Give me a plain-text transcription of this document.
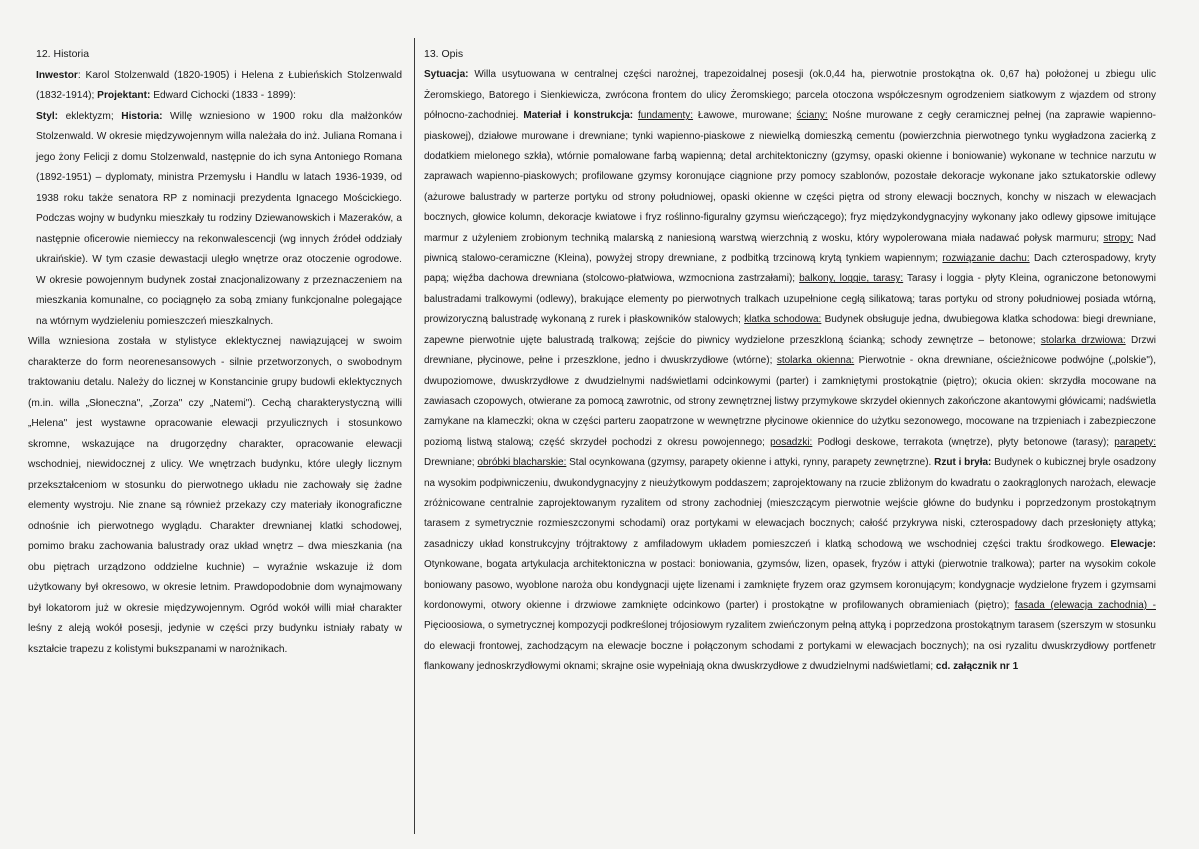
12. Historia
Inwestor: Karol Stolzenwald (1820-1905) i Helena z Łubieńskich Stolzenwald (1832-1914); Projektant: Edward Cichocki (1833 - 1899):
Styl: eklektyzm; Historia: Willę wzniesiono w 1900 roku dla małżonków Stolzenwald. W okresie międzywojennym willa należała do inż. Juliana Romana i jego żony Felicji z domu Stolzenwald, następnie do ich syna Antoniego Romana (1892-1951) – dyplomaty, ministra Przemysłu i Handlu w latach 1936-1939, od 1938 roku także senatora RP z nominacji prezydenta Ignacego Mościckiego. Podczas wojny w budynku mieszkały tu rodziny Dziewanowskich i Mazeraków, a następnie oficerowie niemieccy na rekonwalescencji (wg innych źródeł oddziały ukraińskie). W tym czasie dewastacji uległo wnętrze oraz otoczenie ogrodowe. W okresie powojennym budynek został znacjonalizowany z przeznaczeniem na mieszkania komunalne, co pociągnęło za sobą zmiany funkcjonalne polegające na wtórnym wydzieleniu pomieszczeń mieszkalnych.
Willa wzniesiona została w stylistyce eklektycznej nawiązującej w swoim charakterze do form neorenesansowych - silnie przetworzonych, o swobodnym traktowaniu detalu. Należy do licznej w Konstancinie grupy budowli eklektycznych (m.in. willa „Słoneczna", „Zorza" czy „Natemi"). Cechą charakterystyczną willi „Helena" jest wystawne opracowanie elewacji przyulicznych i stosunkowo skromne, wskazujące na drugorzędny charakter, opracowanie elewacji wschodniej, niewidocznej z ulicy. We wnętrzach budynku, które uległy licznym przekształceniom w stosunku do pierwotnego układu nie zachowały się żadne elementy wystroju. Nie znane są również przekazy czy materiały ikonograficzne odnośnie ich pierwotnego wyglądu. Charakter drewnianej klatki schodowej, pomimo braku zachowania balustrady oraz układ wnętrz – dwa mieszkania (na obu piętrach urządzono oddzielne kuchnie) – wyraźnie wskazuje iż dom użytkowany był okresowo, w okresie letnim. Prawdopodobnie dom wynajmowany był lokatorom już w okresie międzywojennym. Ogród wokół willi miał charakter leśny z aleją wokół posesji, jedynie w części przy budynku istniały rabaty w kształcie trapezu z kolistymi bukszpanami w narożnikach.
13. Opis
Sytuacja: Willa usytuowana w centralnej części narożnej, trapezoidalnej posesji (ok.0,44 ha, pierwotnie prostokątna ok. 0,67 ha) położonej u zbiegu ulic Żeromskiego, Batorego i Sienkiewicza, zwrócona frontem do ulicy Żeromskiego; parcela otoczona współczesnym ogrodzeniem siatkowym z wjazdem od strony północno-zachodniej. Materiał i konstrukcja: fundamenty: Ławowe, murowane; ściany: Nośne murowane z cegły ceramicznej pełnej (na zaprawie wapienno-piaskowej), działowe murowane i drewniane; tynki wapienno-piaskowe z niewielką domieszką cementu (powierzchnia pierwotnego tynku wygładzona zacierką z dodatkiem mielonego szkła), wtórnie pomalowane farbą wapienną; detal architektoniczny (gzymsy, opaski okienne i boniowanie) wykonane w technice narzutu w zaprawach wapienno-piaskowych; profilowane gzymsy koronujące ciągnione przy pomocy szablonów, pozostałe dekoracje wykonane jako sztukatorskie odlewy (ażurowe balustrady w parterze portyku od strony południowej, opaski okienne w części piętra od strony elewacji bocznych, konchy w niszach w elewacjach bocznych, głowice kolumn, dekoracje kwiatowe i fryz roślinno-figuralny gzymsu wieńczącego); fryz międzykondygnacyjny wykonany jako odlewy gipsowe imitujące marmur z użyleniem zrobionym techniką malarską z naniesioną warstwą wierzchnią z wosku, który wypolerowana miała nadawać połysk marmuru; stropy: Nad piwnicą stalowo-ceramiczne (Kleina), powyżej stropy drewniane, z podbitką trzcinową krytą tynkiem wapiennym; rozwiązanie dachu: Dach czterospadowy, kryty papą; więźba dachowa drewniana (stolcowo-płatwiowa, wzmocniona zastrzałami); balkony, loggie, tarasy: Tarasy i loggia - płyty Kleina, ograniczone betonowymi balustradami tralkowymi (odlewy), brakujące elementy po pierwotnych tralkach uzupełnione cegłą silikatową; taras portyku od strony południowej posiada wtórną, prowizoryczną balustradę wykonaną z rurek i płaskowników stalowych; klatka schodowa: Budynek obsługuje jedna, dwubiegowa klatka schodowa: biegi drewniane, zapewne pierwotnie ujęte balustradą tralkową; zejście do piwnicy wydzielone przeszkloną ścianką; schody zewnętrze – betonowe; stolarka drzwiowa: Drzwi drewniane, płycinowe, pełne i przeszklone, jedno i dwuskrzydłowe (wtórne); stolarka okienna: Pierwotnie - okna drewniane, ościeżnicowe podwójne („polskie"), dwupoziomowe, dwuskrzydłowe z dwudzielnymi nadświetlami odcinkowymi (parter) i zamkniętymi prostokątnie (piętro); okucia okien: skrzydła mocowane na zawiasach czopowych, otwierane za pomocą zawrotnic, od strony zewnętrznej listwy przymykowe skrzydeł okiennych zakończone akantowymi główicami; nadświetla zamykane na klameczki; okna w części parteru zaopatrzone w wewnętrzne płycinowe okiennice do użytku sezonowego, mocowane na trzpieniach i zabezpieczone poziomą listwą stalową; część skrzydeł pochodzi z okresu powojennego; posadzki: Podłogi deskowe, terrakota (wnętrze), płyty betonowe (tarasy); parapety: Drewniane; obróbki blacharskie: Stal ocynkowana (gzymsy, parapety okienne i attyki, rynny, parapety zewnętrzne). Rzut i bryła: Budynek o kubicznej bryle osadzony na wysokim podpiwniczeniu, dwukondygnacyjny z nieużytkowym poddaszem; zaprojektowany na rzucie zbliżonym do kwadratu o zaokrąglonych narożach, elewacje zróżnicowane centralnie zaprojektowanym ryzalitem od strony zachodniej (mieszczącym pierwotnie wejście główne do budynku i poprzedzonym prostokątnym tarasem z symetrycznie rozmieszczonymi schodami) oraz portykami w elewacjach bocznych; całość przykrywa niski, czterospadowy dach przesłonięty attyką; zasadniczy układ konstrukcyjny trójtraktowy z amfiladowym układem pomieszczeń i klatką schodową we wschodniej części traktu środkowego. Elewacje: Otynkowane, bogata artykulacja architektoniczna w postaci: boniowania, gzymsów, lizen, opasek, fryzów i attyki (pierwotnie tralkowa); parter na wysokim cokole boniowany pasowo, wyoblone naroża obu kondygnacji ujęte lizenami i zamknięte fryzem oraz gzymsem koronującym; kondygnacje wydzielone fryzem i gzymsami kordonowymi, otwory okienne i drzwiowe zamknięte odcinkowo (parter) i prostokątne w profilowanych obramieniach (piętro); fasada (elewacja zachodnia) - Pięcioosiowa, o symetrycznej kompozycji podkreślonej trójosiowym ryzalitem zwieńczonym pełną attyką i poprzedzona prostokątnym tarasem (szerszym w stosunku do elewacji frontowej, zachodzącym na elewacje boczne i połączonym schodami z portykami w elewacjach bocznych); na osi ryzalitu dwuskrzydłowy portfenetr flankowany jednoskrzydłowymi oknami; skrajne osie wypełniają okna dwuskrzydłowe z dwudzielnymi nadświetlami; cd. załącznik nr 1
